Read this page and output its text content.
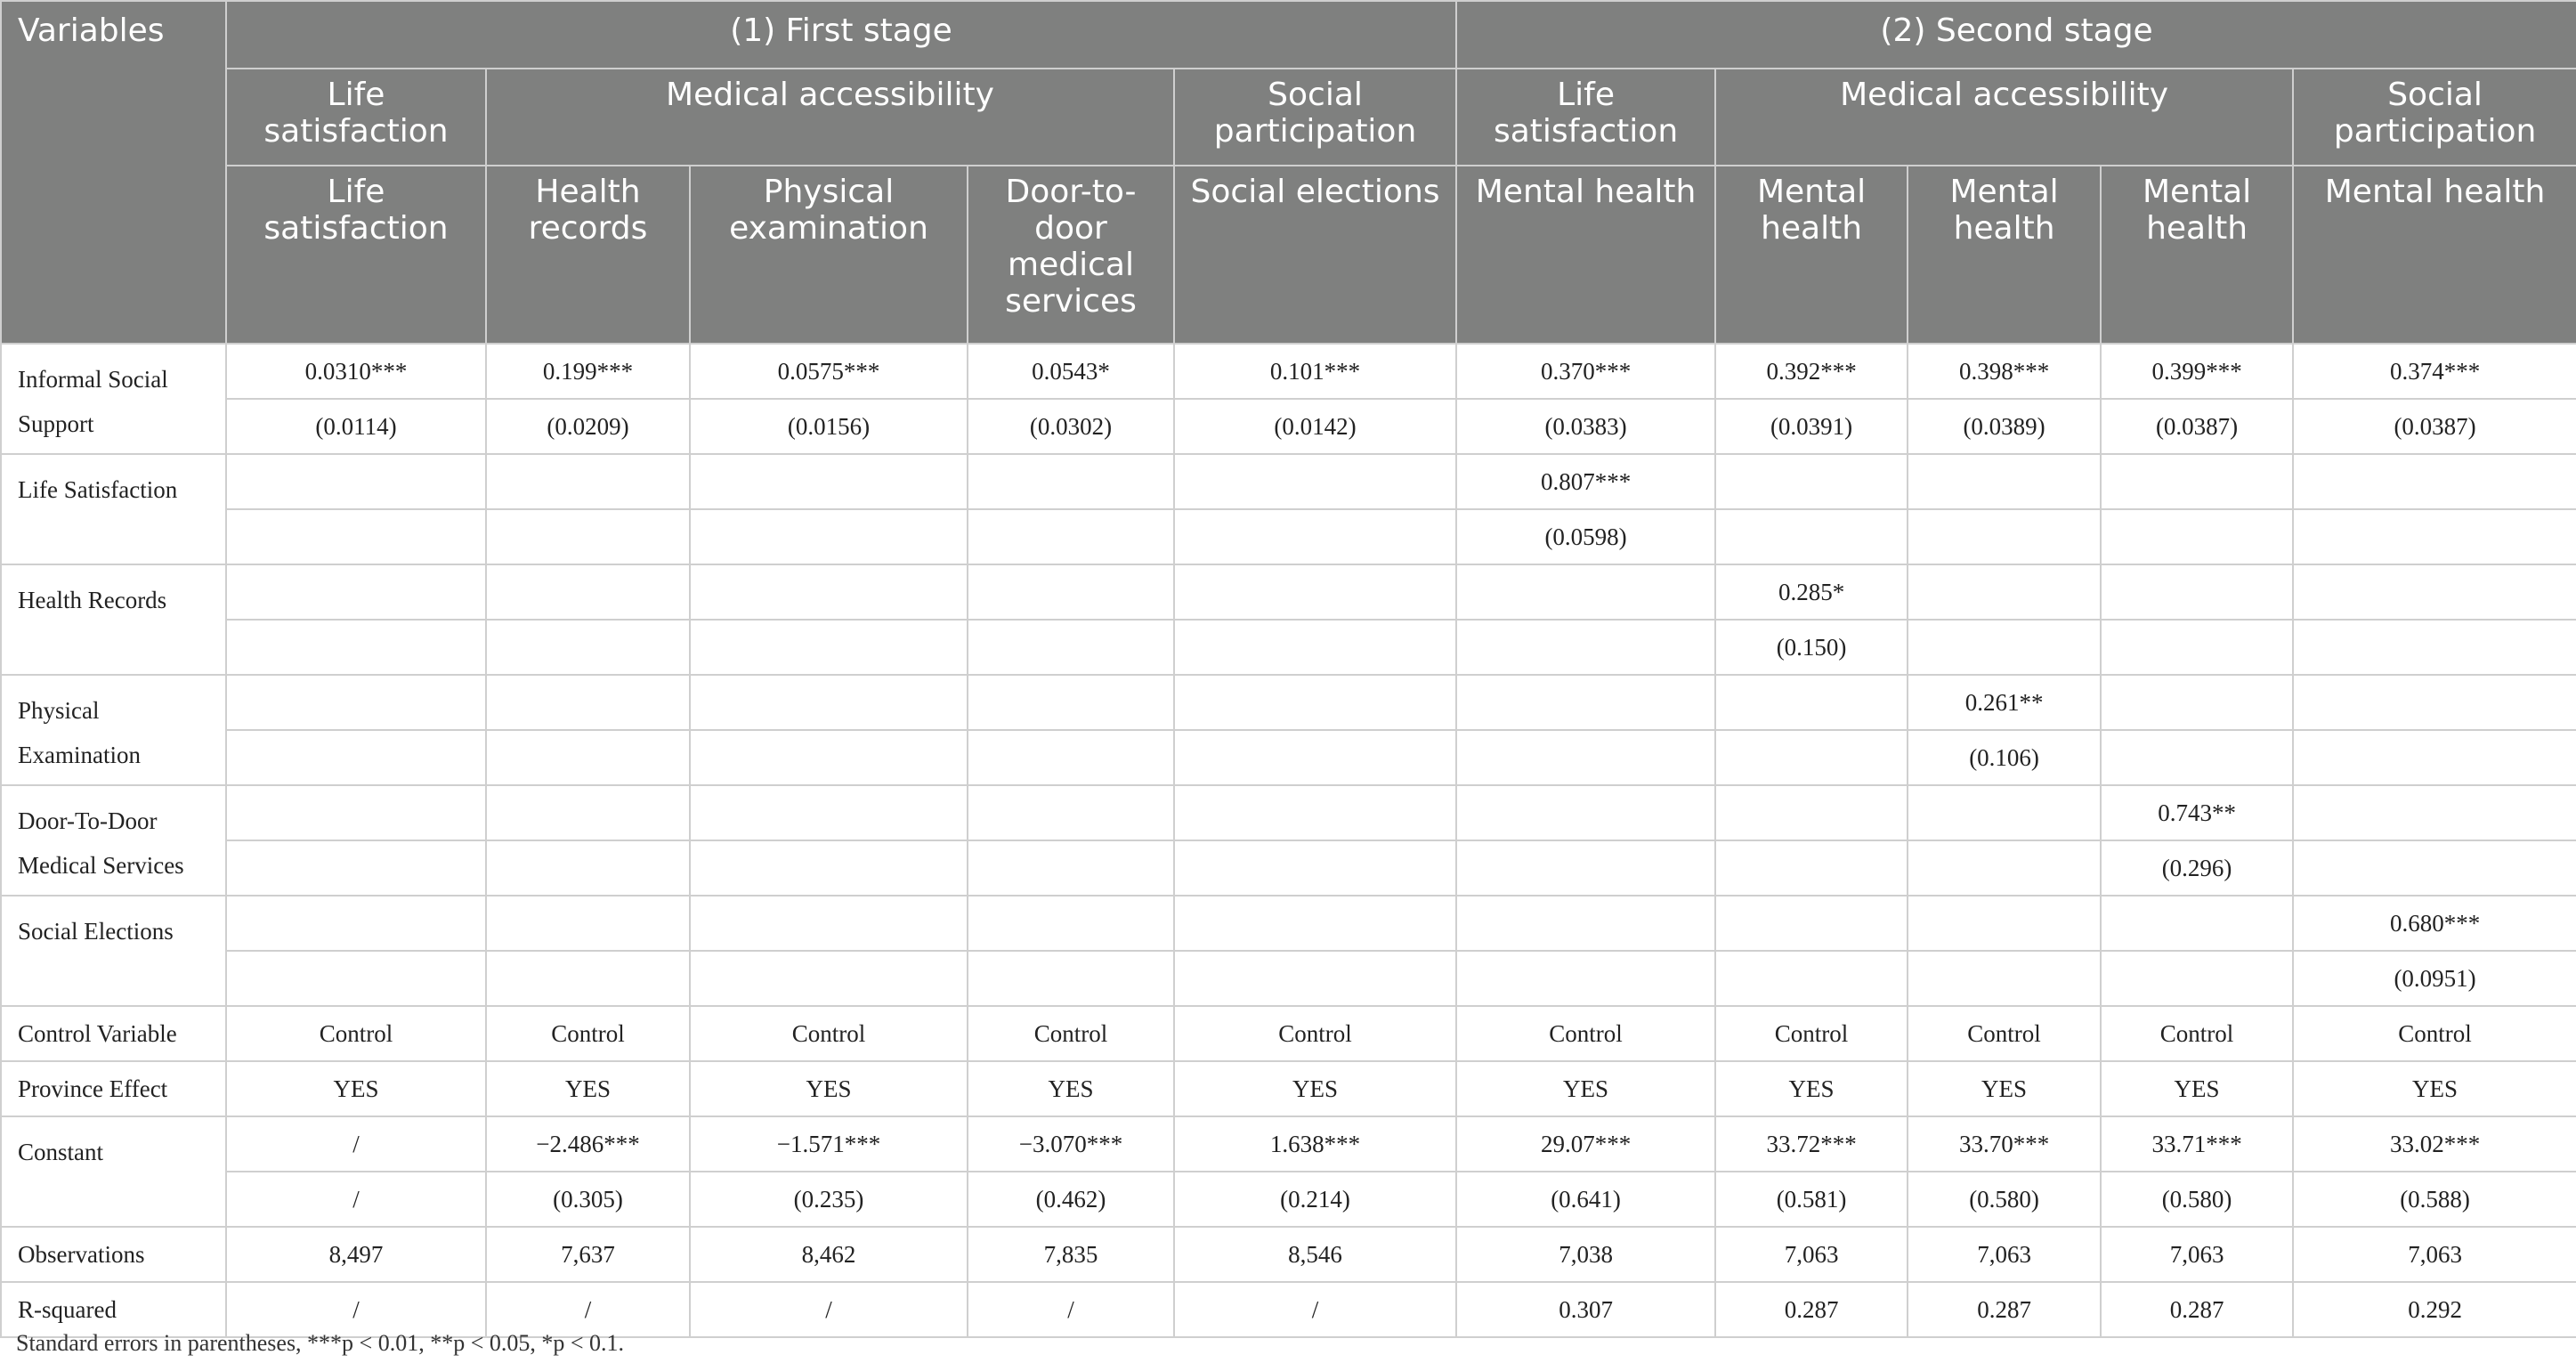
Variables	(1) First stage					(2) Second stage				
	Life satisfaction	Medical accessibility			Social participation	Life satisfaction	Medical accessibility			Social participation
	Life satisfaction	Health records	Physical examination	Door-to-door medical services	Social elections	Mental health	Mental health	Mental health	Mental health	Mental health
Informal Social Support	0.0310***	0.199***	0.0575***	0.0543*	0.101***	0.370***	0.392***	0.398***	0.399***	0.374***
	(0.0114)	(0.0209)	(0.0156)	(0.0302)	(0.0142)	(0.0383)	(0.0391)	(0.0389)	(0.0387)	(0.0387)
Life Satisfaction						0.807***				
						(0.0598)				
Health Records							0.285*			
							(0.150)			
Physical Examination								0.261**		
								(0.106)		
Door-To-Door Medical Services									0.743**	
									(0.296)	
Social Elections										0.680***
										(0.0951)
Control Variable	Control	Control	Control	Control	Control	Control	Control	Control	Control	Control
Province Effect	YES	YES	YES	YES	YES	YES	YES	YES	YES	YES
Constant	/	−2.486***	−1.571***	−3.070***	1.638***	29.07***	33.72***	33.70***	33.71***	33.02***
	/	(0.305)	(0.235)	(0.462)	(0.214)	(0.641)	(0.581)	(0.580)	(0.580)	(0.588)
Observations	8,497	7,637	8,462	7,835	8,546	7,038	7,063	7,063	7,063	7,063
R-squared	/	/	/	/	/	0.307	0.287	0.287	0.287	0.292
Standard errors in parentheses, ***p < 0.01, **p < 0.05, *p < 0.1.
